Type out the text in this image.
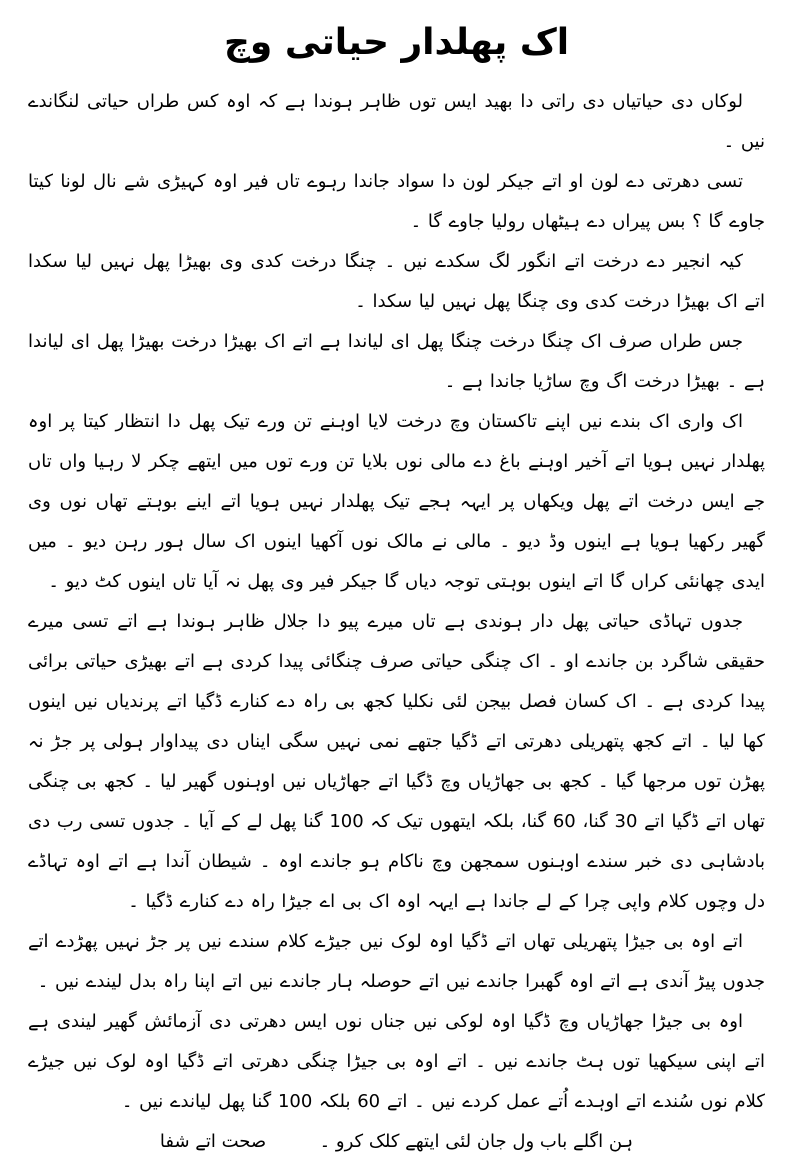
اک پھلدار حیاتی وچ

لوکاں دی حیاتیاں دی راتی دا بھید ایس توں ظاہر ہوندا ہے کہ اوہ کس طراں حیاتی لنگاندے نیں ۔

تسی دھرتی دے لون او اتے جیکر لون دا سواد جاندا رہوے تاں فیر اوہ کہیڑی شے نال لونا کیتا جاوے گا ؟ بس پیراں دے ہیٹھاں رولیا جاوے گا ۔

کیہ انجیر دے درخت اتے انگور لگ سکدے نیں ۔ چنگا درخت کدی وی بھیڑا پھل نہیں لیا سکدا اتے اک بھیڑا درخت کدی وی چنگا پھل نہیں لیا سکدا ۔

جس طراں صرف اک چنگا درخت چنگا پھل ای لیاندا ہے اتے اک بھیڑا درخت بھیڑا پھل ای لیاندا ہے ۔ بھیڑا درخت اگ وچ ساڑیا جاندا ہے ۔

اک واری اک بندے نیں اپنے تاکستان وچ درخت لایا اوہنے تن ورے تیک پھل دا انتظار کیتا پر اوہ پھلدار نہیں ہویا اتے آخیر اوہنے باغ دے مالی نوں بلایا تن ورے توں میں ایتھے چکر لا رہیا واں تاں جے ایس درخت اتے پھل ویکھاں پر ایہہ ہجے تیک پھلدار نہیں ہویا اتے اینے بوہتے تھاں نوں وی گھیر رکھیا ہویا ہے اینوں وڈ دیو ۔ مالی نے مالک نوں آکھیا اینوں اک سال ہور رہن دیو ۔ میں ایدی چھانئی کراں گا اتے اینوں بوہتی توجہ دیاں گا جیکر فیر وی پھل نہ آیا تاں اینوں کٹ دیو ۔

جدوں تہاڈی حیاتی پھل دار ہوندی ہے تاں میرے پیو دا جلال ظاہر ہوندا ہے اتے تسی میرے حقیقی شاگرد بن جاندے او ۔ اک چنگی حیاتی صرف چنگائی پیدا کردی ہے اتے بھیڑی حیاتی برائی پیدا کردی ہے ۔ اک کسان فصل بیجن لئی نکلیا کجھ بی راہ دے کنارے ڈگیا اتے پرندیاں نیں اینوں کھا لیا ۔ اتے کجھ پتھریلی دھرتی اتے ڈگیا جتھے نمی نہیں سگی ایناں دی پیداوار ہولی پر جڑ نہ پھڑن توں مرجھا گیا ۔ کجھ بی جھاڑیاں وچ ڈگیا اتے جھاڑیاں نیں اوہنوں گھیر لیا ۔ کجھ بی چنگی تھاں اتے ڈگیا اتے 30 گنا، 60 گنا، بلکہ ایتھوں تیک کہ 100 گنا پھل لے کے آیا ۔ جدوں تسی رب دی بادشاہی دی خبر سندے اوہنوں سمجھن وچ ناکام ہو جاندے اوہ ۔ شیطان آندا ہے اتے اوہ تہاڈے دل وچوں کلام واپی چرا کے لے جاندا ہے ایہہ اوہ اک بی اے جیڑا راہ دے کنارے ڈگیا ۔

اتے اوہ بی جیڑا پتھریلی تھاں اتے ڈگیا اوہ لوک نیں جیڑے کلام سندے نیں پر جڑ نہیں پھڑدے اتے جدوں پیڑ آندی ہے اتے اوہ گھبرا جاندے نیں اتے حوصلہ ہار جاندے نیں اتے اپنا راہ بدل لیندے نیں ۔

اوہ بی جیڑا جھاڑیاں وچ ڈگیا اوہ لوکی نیں جناں نوں ایس دھرتی دی آزمائش گھیر لیندی ہے اتے اپنی سیکھیا توں ہٹ جاندے نیں ۔ اتے اوہ بی جیڑا چنگی دھرتی اتے ڈگیا اوہ لوک نیں جیڑے کلام نوں سُندے اتے اوہدے اُتے عمل کردے نیں ۔ اتے 60 بلکہ 100 گنا پھل لیاندے نیں ۔

ہن اگلے باب ول جان لئی ایتھے کلک کرو ۔  صحت اتے شفا
